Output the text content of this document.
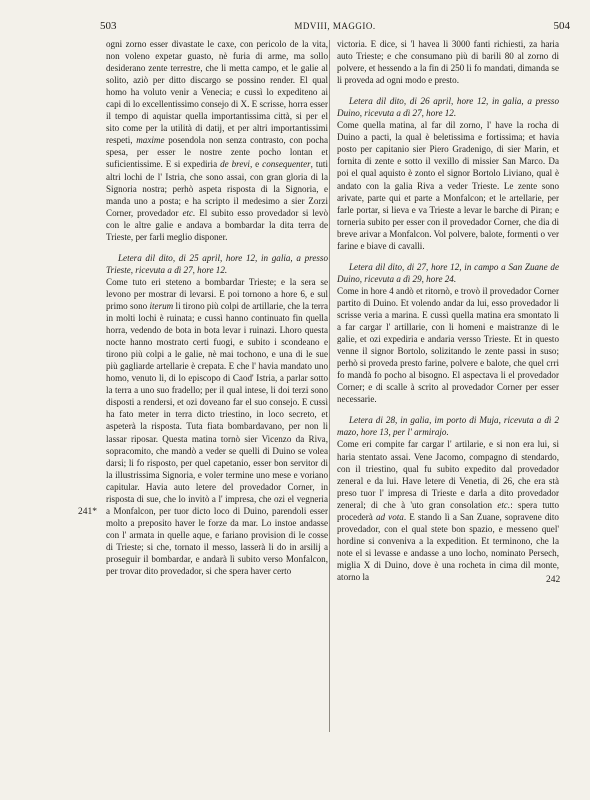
503	MDVIII, MAGGIO.	504
241*
242

ogni zorno esser divastate le caxe, con pericolo de la vita, non voleno expetar guasto, nè furia di arme, ma sollo desiderano zente terrestre, che li metta campo, et le galie al solito, aziò per ditto discargo se possino render. El qual homo ha voluto venir a Venecia; e cussì lo expediteno ai capi di lo excellentissimo consejo di X. E scrisse, horra esser il tempo di aquistar quella importantissima città, si per el sito come per la utilità di datij, et per altri importantissimi respeti, maxime posendola non senza contrasto, con pocha spesa, per esser le nostre zente pocho lontan et suficientissime. E si expediria de brevi, e consequenter, tuti altri lochi de l' Istria, che sono assai, con gran gloria di la Signoria nostra; perhò aspeta risposta di la Signoria, e manda uno a posta; e ha scripto il medesimo a sier Zorzi Corner, provedador etc. El subito esso provedador si levò con le altre galie e andava a bombardar la dita terra de Trieste, per farli meglio disponer.

Letera dil dito, di 25 april, hore 12, in galia, a presso Trieste, ricevuta a dì 27, hore 12.

Come tuto eri steteno a bombardar Trieste; e la sera se levono per mostrar di levarsi. E poi tornono a hore 6, e sul primo sono iterum li tirono più colpi de artillarie, che la terra in molti lochi è ruinata; e cussì hanno continuato fin quella horra, vedendo de bota in bota levar i ruinazi. Lhoro questa nocte hanno mostrato certi fuogi, e subito i scondeano e tirono più colpi a le galie, nè mai tochono, e una di le sue più gagliarde artellarie è crepata. E che l' havia mandato uno homo, venuto li, di lo episcopo di Caod' Istria, a parlar sotto la terra a uno suo fradello; per il qual intese, li doi terzi sono disposti a rendersi, et ozi doveano far el suo consejo. E cussì ha fato meter in terra dicto triestino, in loco secreto, et aspeterà la risposta. Tuta fiata bombardavano, per non li lassar riposar. Questa matina tornò sier Vicenzo da Riva, sopracomito, che mandò a veder se quelli di Duino se volea darsi; li fo risposto, per quel capetanio, esser bon servitor di la illustrissima Signoria, e voler termine uno mese e voriano capitular. Havia auto letere del provedador Corner, in risposta di sue, che lo invitò a l' impresa, che ozi el vegneria a Monfalcon, per tuor dicto loco di Duino, parendoli esser molto a preposito haver le forze da mar. Lo instoe andasse con l' armata in quelle aque, e fariano provision di le cosse di Trieste; si che, tornato il messo, lasserà li do in arsilij a proseguir il bombardar, e andarà lì subito verso Monfalcon, per trovar dito provedador, si che spera haver certo

victoria. E dice, si 'l havea li 3000 fanti richiesti, za haria auto Trieste; e che consumano più di barili 80 al zorno di polvere, et hessendo a la fin di 250 li fo mandati, dimanda se li proveda ad ogni modo e presto.

Letera dil dito, di 26 april, hore 12, in galia, a presso Duino, ricevuta a dì 27, hore 12.

Come quella matina, al far dil zorno, l' have la rocha di Duino a pacti, la qual è beletissima e fortissima; et havia posto per capitanio sier Piero Gradenigo, di sier Marin, et fornita di zente e sotto il vexillo di missier San Marco. Da poi el qual aquisto è zonto el signor Bortolo Liviano, qual è andato con la galia Riva a veder Trieste. Le zente sono arivate, parte qui et parte a Monfalcon; et le artellarie, per farle portar, si lieva e va Trieste a levar le barche di Piran; e torneria subito per esser con il provedador Corner, che dia di breve arivar a Monfalcon. Vol polvere, balote, formenti o ver farine e biave di cavalli.

Letera dil dito, di 27, hore 12, in campo a San Zuane de Duino, ricevuta a dì 29, hore 24.

Come in hore 4 andò et ritornò, e trovò il provedador Corner partito di Duino. Et volendo andar da lui, esso provedador li scrisse veria a marina. E cussì quella matina era smontato lì a far cargar l' artillarie, con li homeni e maistranze di le galie, et ozi expediria e andaria versso Trieste. Et in questo venne il signor Bortolo, solizitando le zente passi in suso; perhò si proveda presto farine, polvere e balote, che quel crri fo mandà fo pocho al bisogno. El aspectava li el provedador Corner; e di scalle à scrito al provedador Corner per esser necessarie.

Letera di 28, in galia, im porto di Muja, ricevuta a dì 2 mazo, hore 13, per l' armirajo.

Come eri compite far cargar l' artilarie, e si non era lui, si haria stentato assai. Vene Jacomo, compagno di stendardo, con il triestino, qual fu subito expedito dal provedador zeneral e da lui. Have letere di Venetia, di 26, che era stà preso tuor l' impresa di Trieste e darla a dito provedador zeneral; di che à 'uto gran consolation etc.: spera tutto procederà ad vota. E stando lì a San Zuane, sopravene dito provedador, con el qual stete bon spazio, e messeno quel' hordine si conveniva a la expedition. Et terminono, che la note el si levasse e andasse a uno locho, nominato Persech, miglia X di Duino, dove è una rocheta in cima dil monte, atorno la
